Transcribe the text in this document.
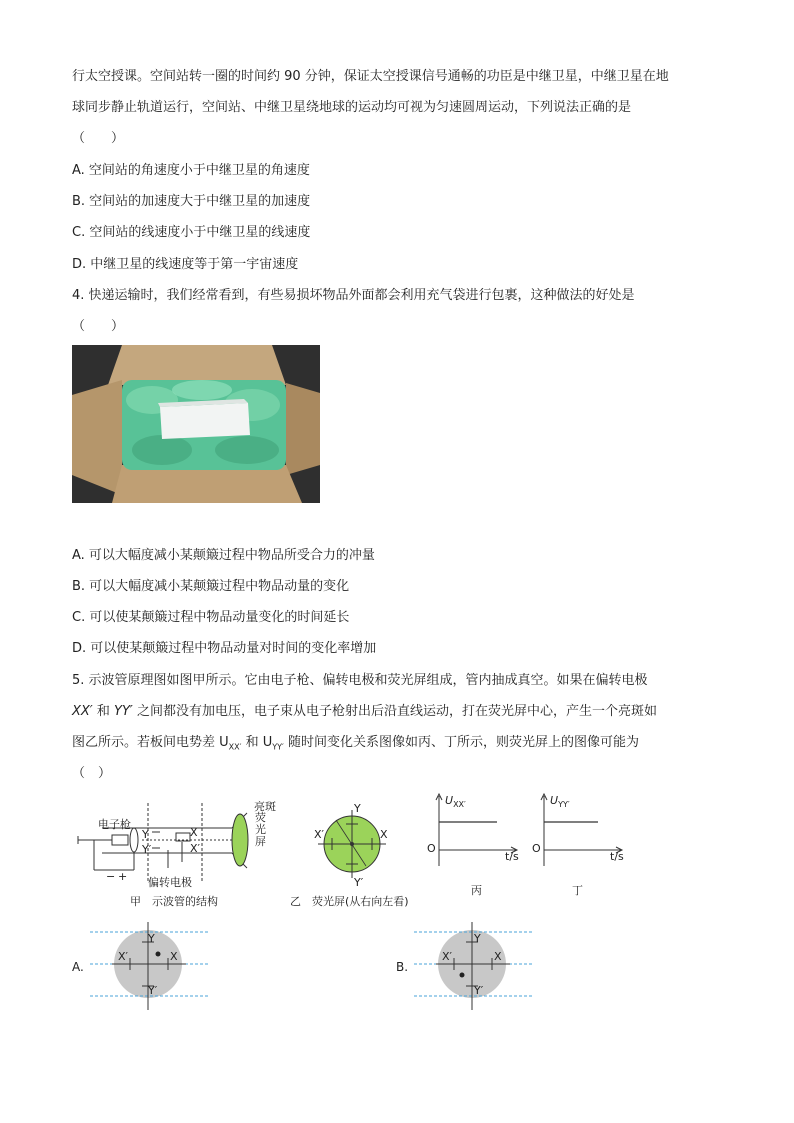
行太空授课。空间站转一圈的时间约 90 分钟，保证太空授课信号通畅的功臣是中继卫星，中继卫星在地
球同步静止轨道运行，空间站、中继卫星绕地球的运动均可视为匀速圆周运动，下列说法正确的是
（　　）
A. 空间站的角速度小于中继卫星的角速度
B. 空间站的加速度大于中继卫星的加速度
C. 空间站的线速度小于中继卫星的线速度
D. 中继卫星的线速度等于第一宇宙速度
4. 快递运输时，我们经常看到，有些易损坏物品外面都会利用充气袋进行包裹，这种做法的好处是
（　　）
A. 可以大幅度减小某颠簸过程中物品所受合力的冲量
B. 可以大幅度减小某颠簸过程中物品动量的变化
C. 可以使某颠簸过程中物品动量变化的时间延长
D. 可以使某颠簸过程中物品动量对时间的变化率增加
5. 示波管原理图如图甲所示。它由电子枪、偏转电极和荧光屏组成，管内抽成真空。如果在偏转电极
XX′ 和 YY′ 之间都没有加电压，电子束从电子枪射出后沿直线运动，打在荧光屏中心，产生一个亮斑如
图乙所示。若板间电势差 $U_{XX'}$ 和 $U_{YY'}$ 随时间变化关系图像如丙、丁所示，则荧光屏上的图像可能为
（　）
电子枪
偏转电极
亮斑
荧光屏
X
X′
Y
Y′
− +
甲　示波管的结构
Y
Y′
X′	X
乙　荧光屏(从右向左看)
$U_{XX'}$
O
t/s
丙
$U_{YY'}$
O
t/s
丁
A.
Y
Y′
X′	X
B.
Y
Y′
X′	X
